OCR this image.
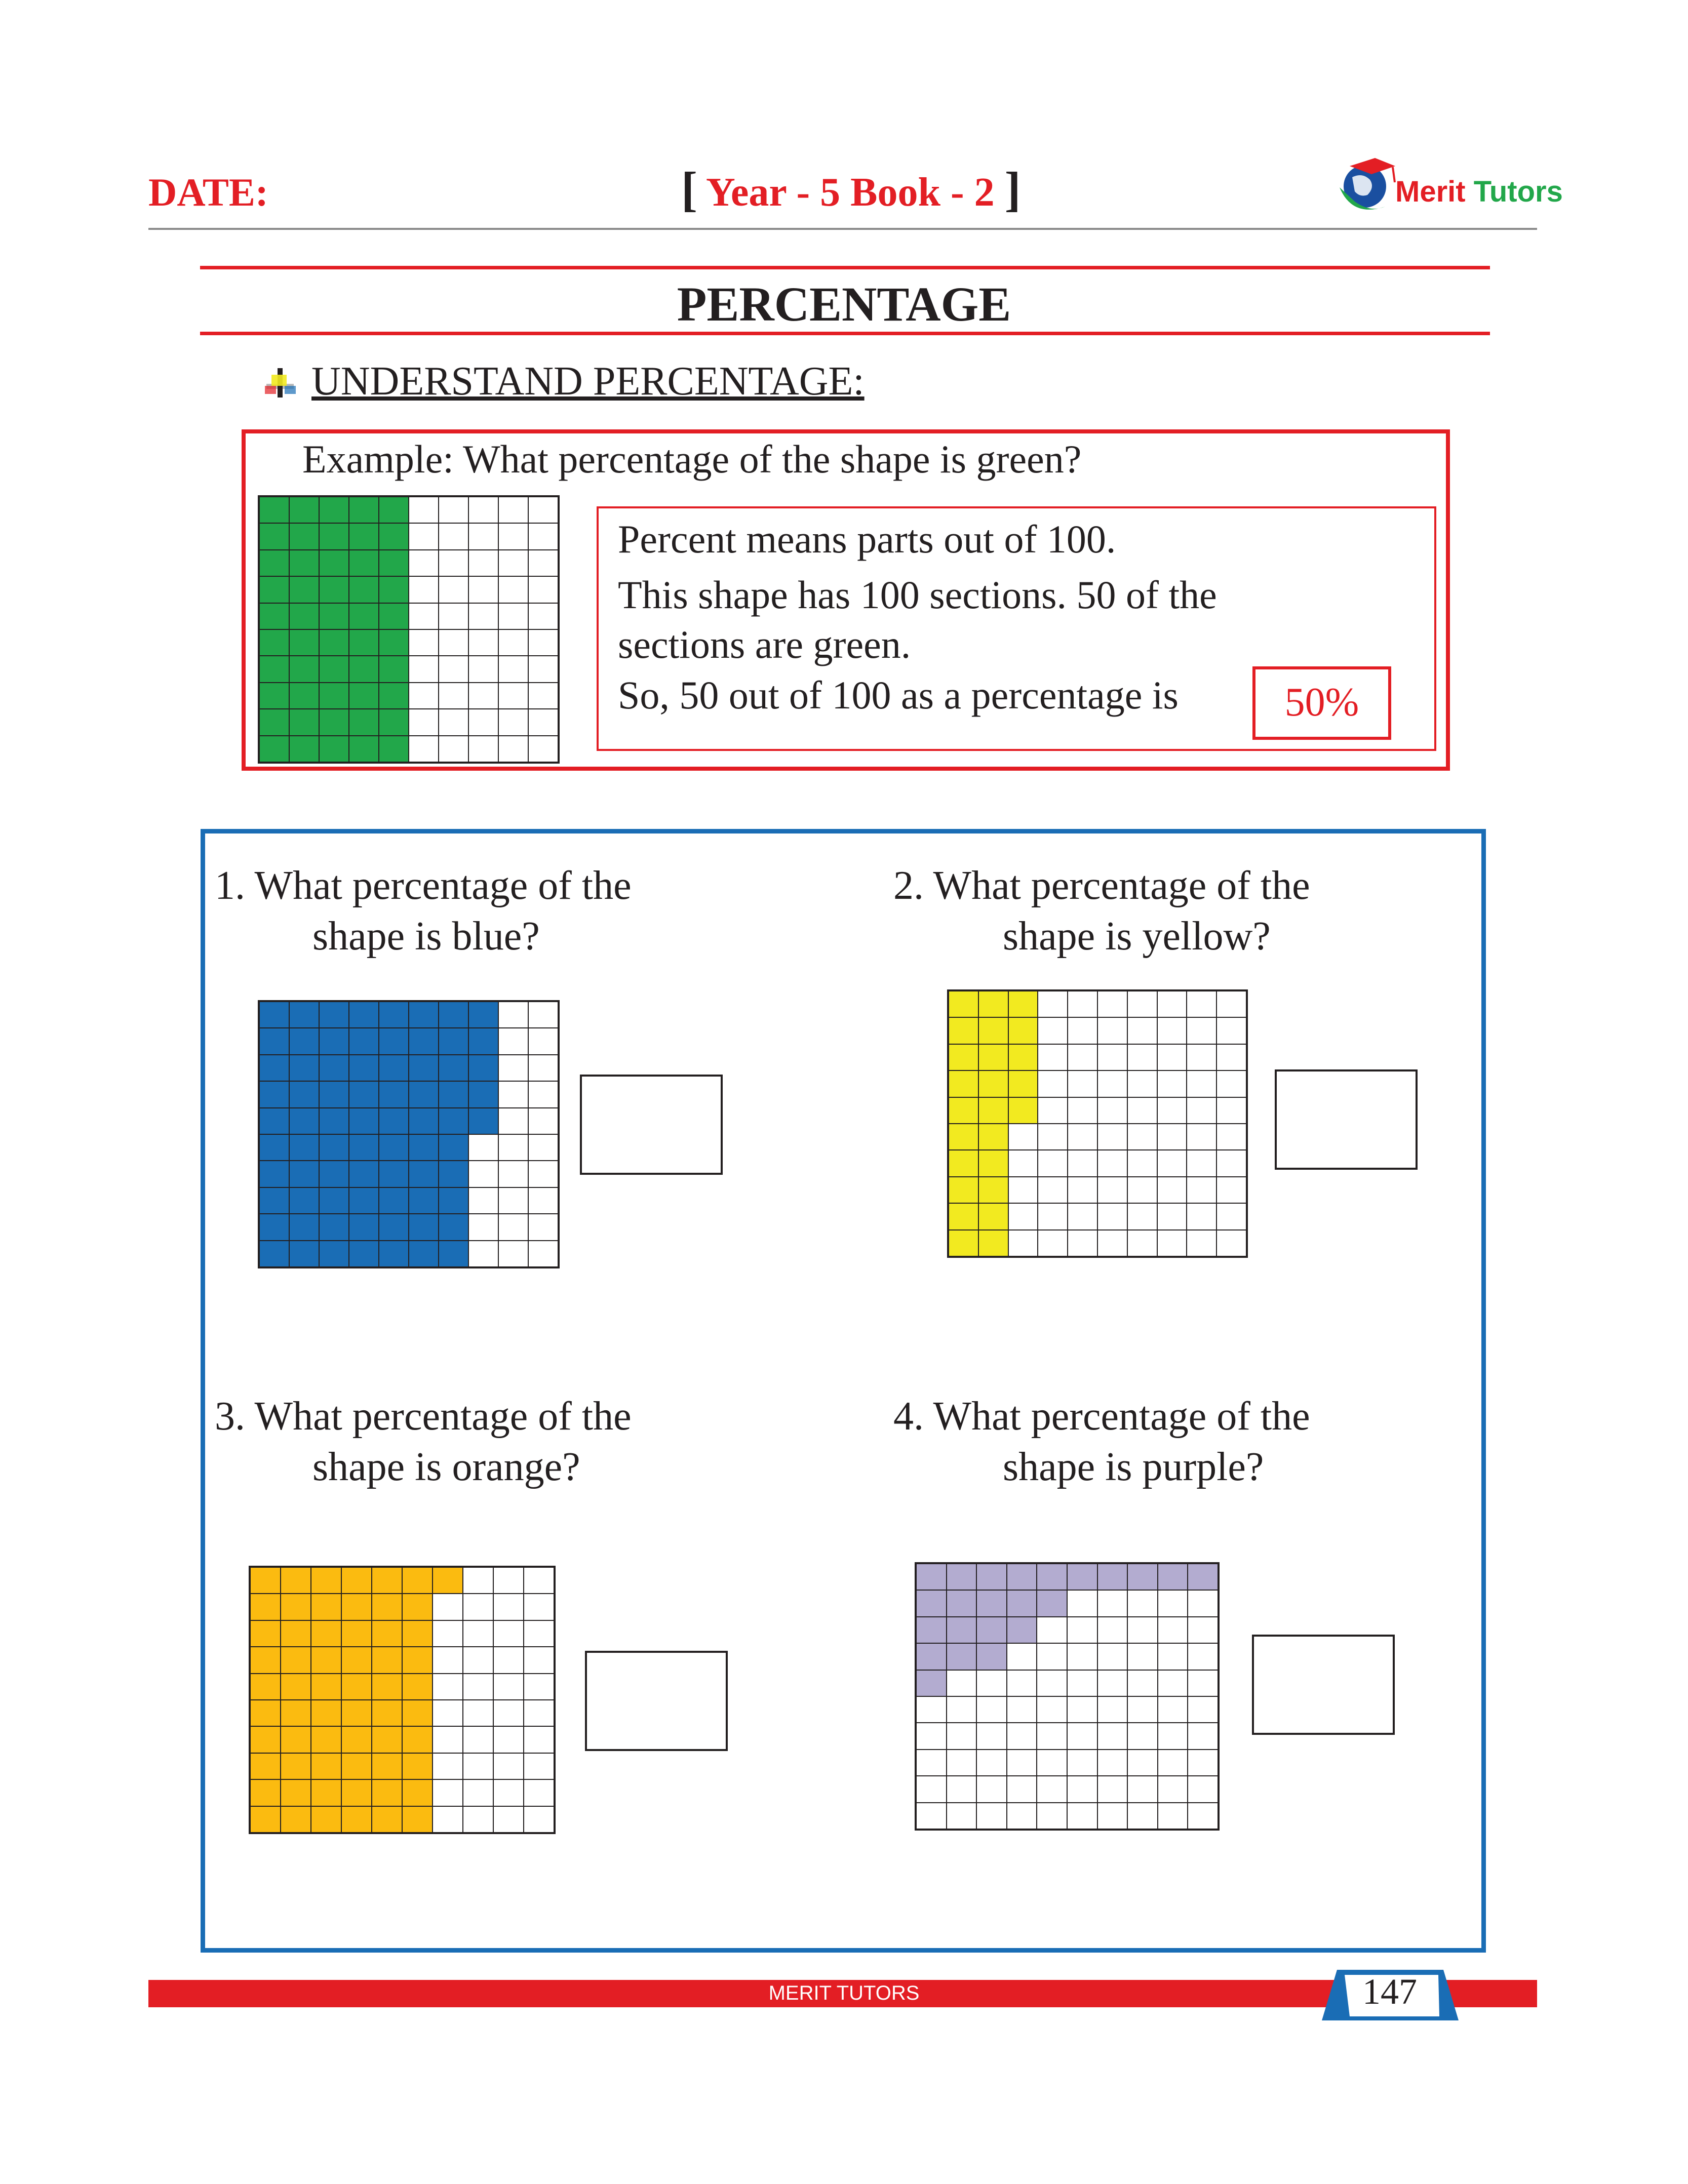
DATE:	[ Year - 5 Book - 2 ]	Merit Tutors
PERCENTAGE
UNDERSTAND PERCENTAGE:
Example: What percentage of the shape is green?
Percent means parts out of 100.
This shape has 100 sections. 50 of the
sections are green.
So, 50 out of 100 as a percentage is	50%
1. What percentage of the
shape is blue?
2. What percentage of the
shape is yellow?
3. What percentage of the
shape is orange?
4. What percentage of the
shape is purple?
MERIT TUTORS	147
